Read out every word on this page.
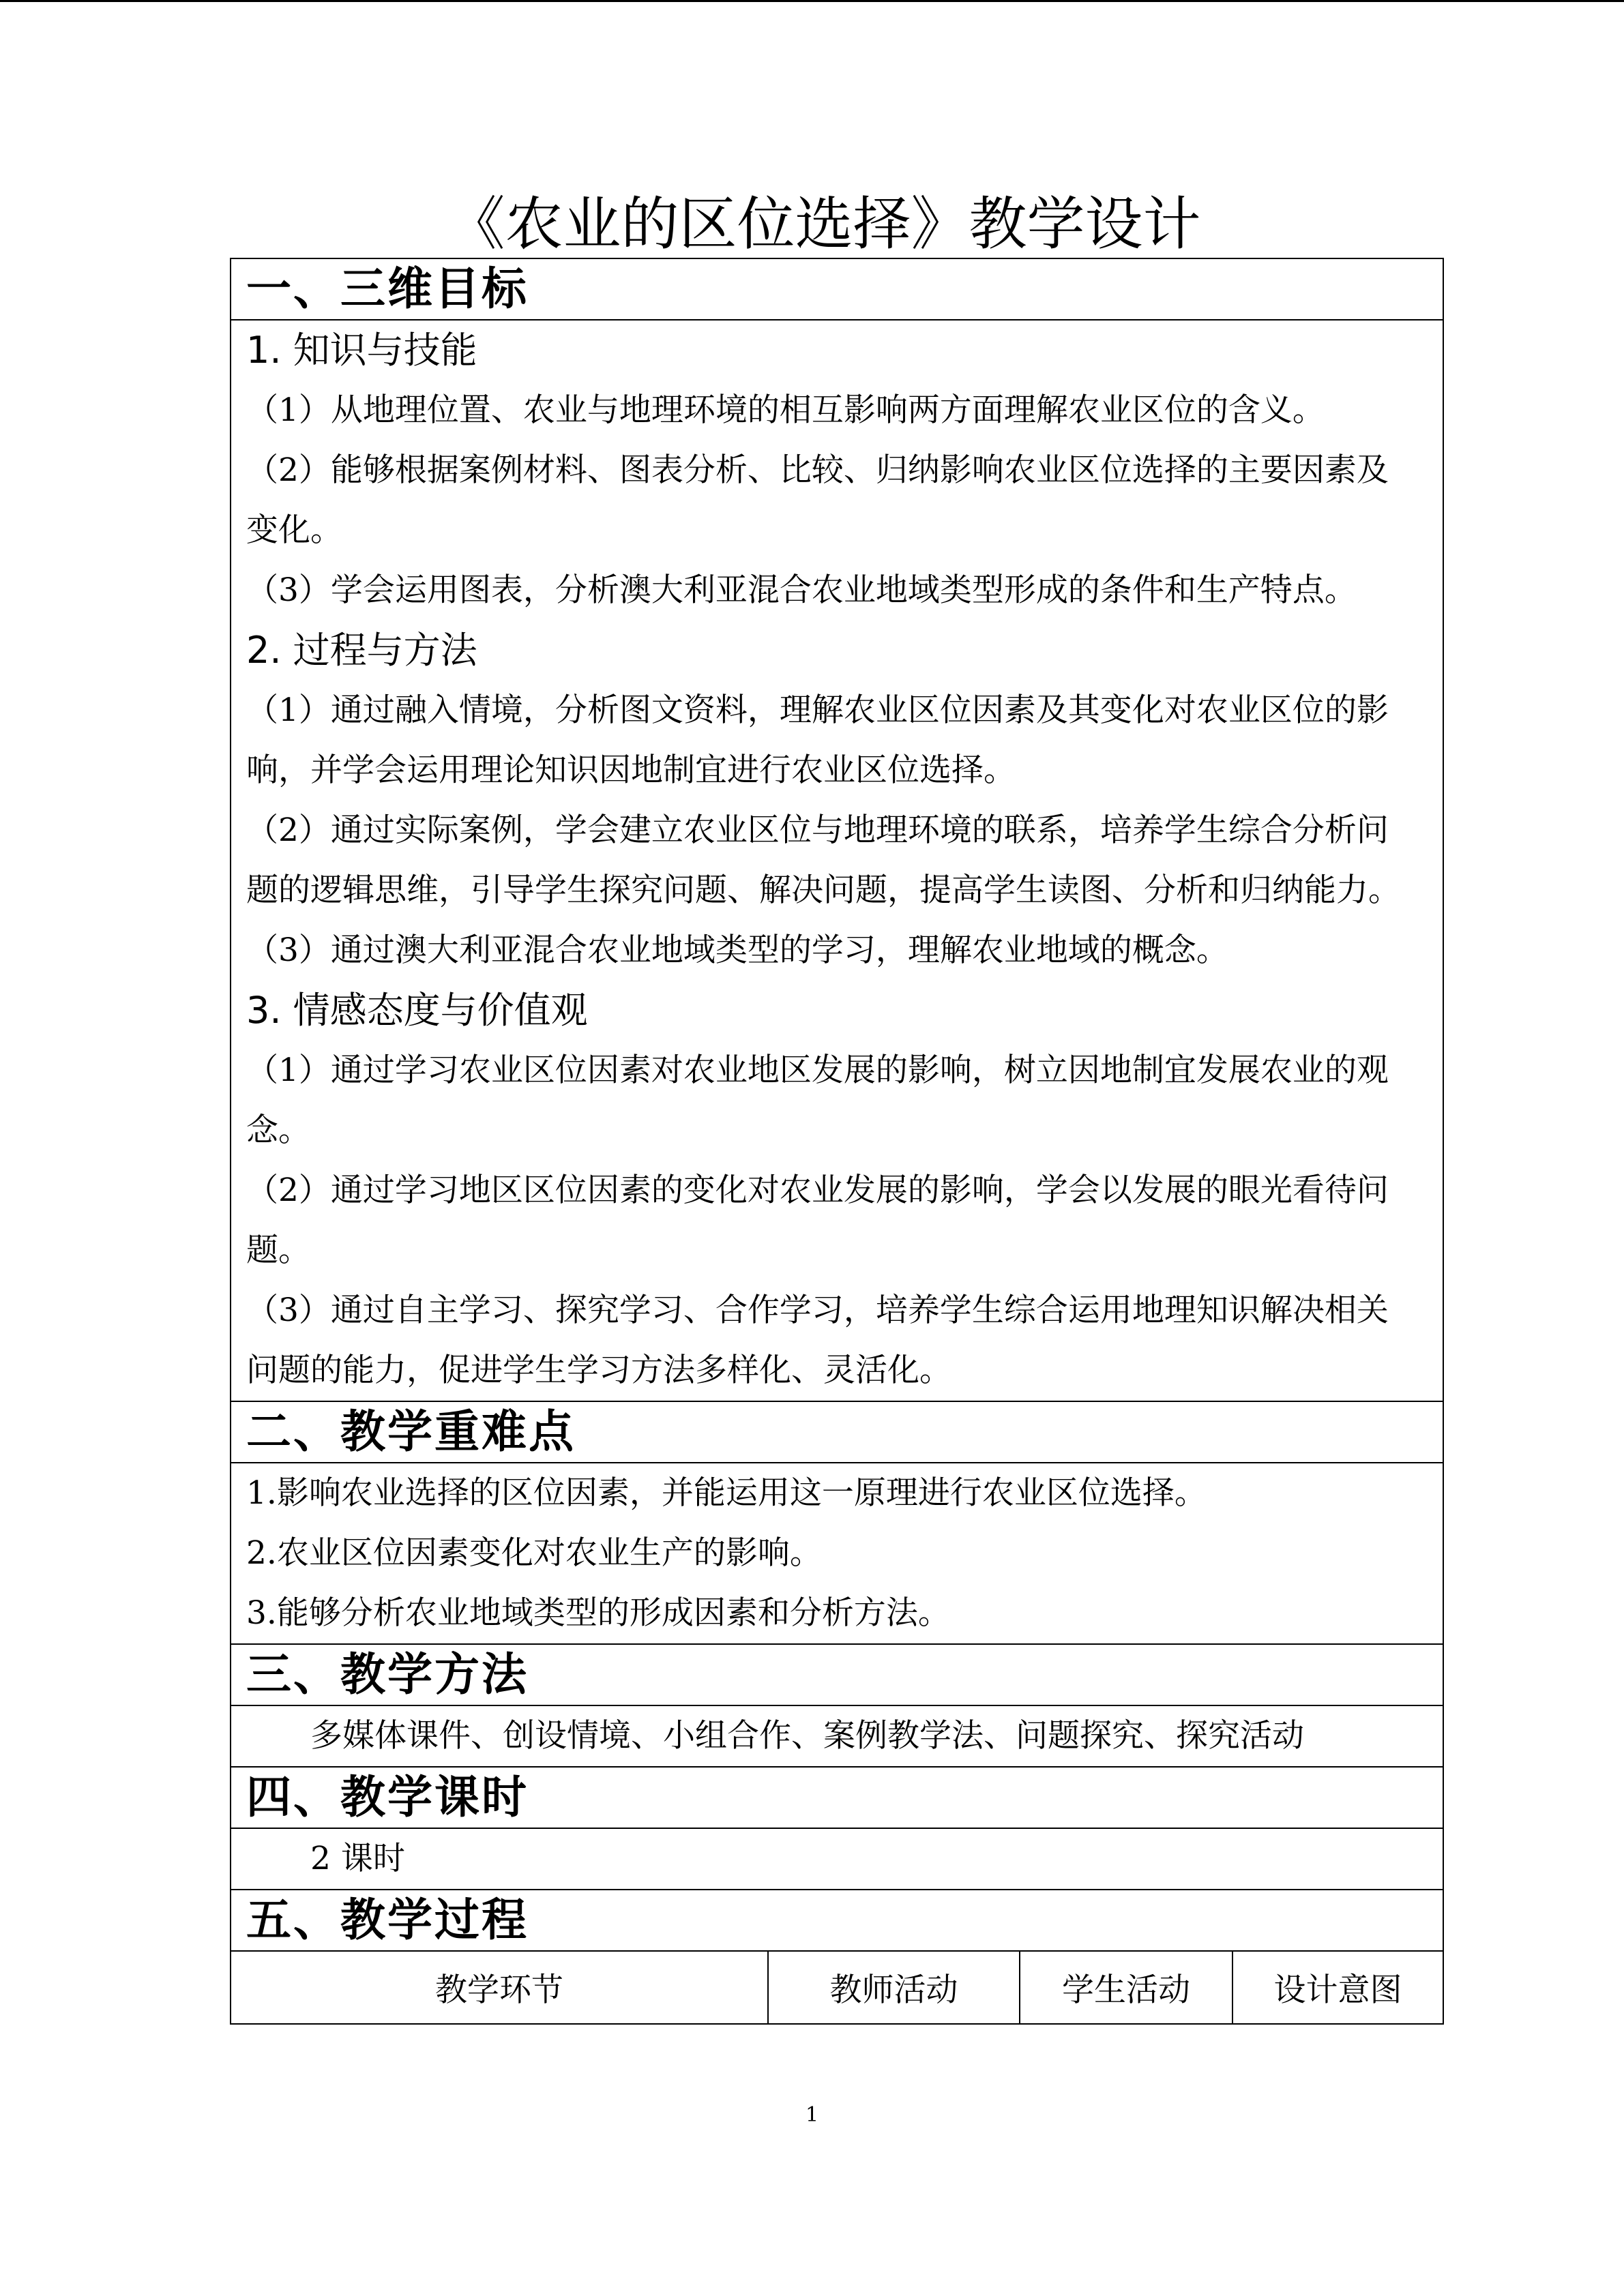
《农业的区位选择》教学设计
一、三维目标
1. 知识与技能
（1）从地理位置、农业与地理环境的相互影响两方面理解农业区位的含义。
（2）能够根据案例材料、图表分析、比较、归纳影响农业区位选择的主要因素及
变化。
（3）学会运用图表，分析澳大利亚混合农业地域类型形成的条件和生产特点。
2. 过程与方法
（1）通过融入情境，分析图文资料，理解农业区位因素及其变化对农业区位的影
响，并学会运用理论知识因地制宜进行农业区位选择。
（2）通过实际案例，学会建立农业区位与地理环境的联系，培养学生综合分析问
题的逻辑思维，引导学生探究问题、解决问题，提高学生读图、分析和归纳能力。
（3）通过澳大利亚混合农业地域类型的学习，理解农业地域的概念。
3. 情感态度与价值观
（1）通过学习农业区位因素对农业地区发展的影响，树立因地制宜发展农业的观
念。
（2）通过学习地区区位因素的变化对农业发展的影响，学会以发展的眼光看待问
题。
（3）通过自主学习、探究学习、合作学习，培养学生综合运用地理知识解决相关
问题的能力，促进学生学习方法多样化、灵活化。
二、教学重难点
1.影响农业选择的区位因素，并能运用这一原理进行农业区位选择。
2.农业区位因素变化对农业生产的影响。
3.能够分析农业地域类型的形成因素和分析方法。
三、教学方法
多媒体课件、创设情境、小组合作、案例教学法、问题探究、探究活动
四、教学课时
2 课时
五、教学过程
教学环节	教师活动	学生活动	设计意图
1
